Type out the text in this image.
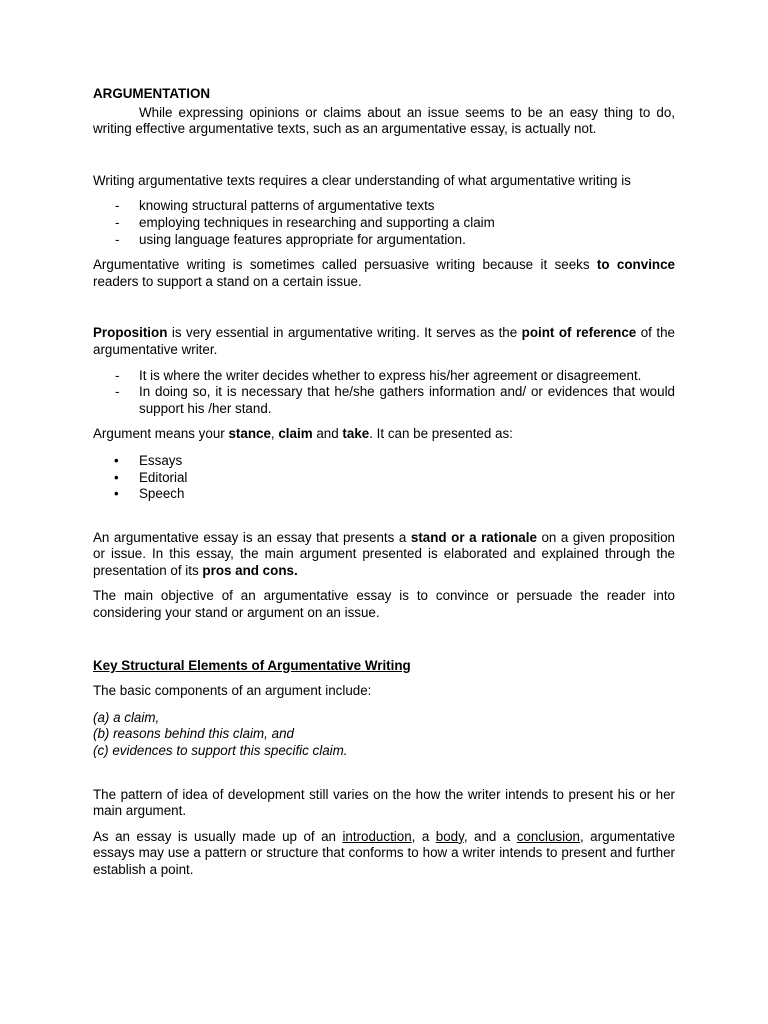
ARGUMENTATION

While expressing opinions or claims about an issue seems to be an easy thing to do, writing effective argumentative texts, such as an argumentative essay, is actually not.

Writing argumentative texts requires a clear understanding of what argumentative writing is

- knowing structural patterns of argumentative texts
- employing techniques in researching and supporting a claim
- using language features appropriate for argumentation.

Argumentative writing is sometimes called persuasive writing because it seeks to convince readers to support a stand on a certain issue.

Proposition is very essential in argumentative writing. It serves as the point of reference of the argumentative writer.

- It is where the writer decides whether to express his/her agreement or disagreement.
- In doing so, it is necessary that he/she gathers information and/ or evidences that would support his /her stand.

Argument means your stance, claim and take. It can be presented as:

• Essays
• Editorial
• Speech

An argumentative essay is an essay that presents a stand or a rationale on a given proposition or issue. In this essay, the main argument presented is elaborated and explained through the presentation of its pros and cons.

The main objective of an argumentative essay is to convince or persuade the reader into considering your stand or argument on an issue.

Key Structural Elements of Argumentative Writing

The basic components of an argument include:

(a) a claim,

(b) reasons behind this claim, and

(c) evidences to support this specific claim.

The pattern of idea of development still varies on the how the writer intends to present his or her main argument.

As an essay is usually made up of an introduction, a body, and a conclusion, argumentative essays may use a pattern or structure that conforms to how a writer intends to present and further establish a point.
